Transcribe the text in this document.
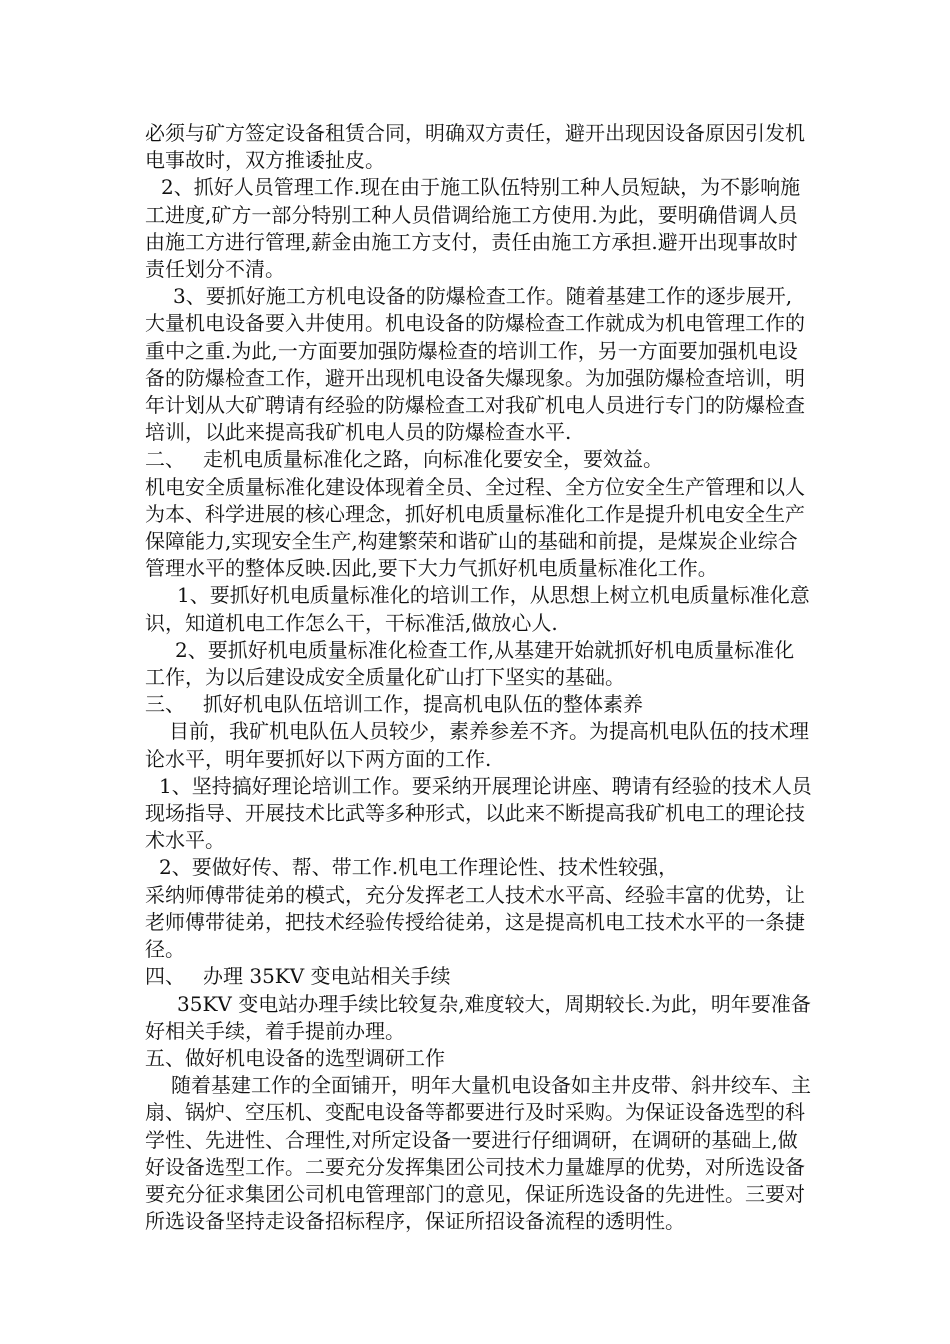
必须与矿方签定设备租赁合同，明确双方责任，避开出现因设备原因引发机电事故时，双方推诿扯皮。

2、抓好人员管理工作.现在由于施工队伍特别工种人员短缺，为不影响施工进度,矿方一部分特别工种人员借调给施工方使用.为此，要明确借调人员由施工方进行管理,薪金由施工方支付，责任由施工方承担.避开出现事故时责任划分不清。

3、要抓好施工方机电设备的防爆检查工作。随着基建工作的逐步展开,大量机电设备要入井使用。机电设备的防爆检查工作就成为机电管理工作的重中之重.为此,一方面要加强防爆检查的培训工作，另一方面要加强机电设备的防爆检查工作，避开出现机电设备失爆现象。为加强防爆检查培训，明年计划从大矿聘请有经验的防爆检查工对我矿机电人员进行专门的防爆检查培训，以此来提高我矿机电人员的防爆检查水平.

二、 走机电质量标准化之路，向标准化要安全，要效益。

机电安全质量标准化建设体现着全员、全过程、全方位安全生产管理和以人为本、科学进展的核心理念，抓好机电质量标准化工作是提升机电安全生产保障能力,实现安全生产,构建繁荣和谐矿山的基础和前提，是煤炭企业综合管理水平的整体反映.因此,要下大力气抓好机电质量标准化工作。

1、要抓好机电质量标准化的培训工作，从思想上树立机电质量标准化意识，知道机电工作怎么干，干标准活,做放心人.

2、要抓好机电质量标准化检查工作,从基建开始就抓好机电质量标准化工作，为以后建设成安全质量化矿山打下坚实的基础。

三、 抓好机电队伍培训工作，提高机电队伍的整体素养

目前，我矿机电队伍人员较少，素养参差不齐。为提高机电队伍的技术理论水平，明年要抓好以下两方面的工作.

1、坚持搞好理论培训工作。要采纳开展理论讲座、聘请有经验的技术人员现场指导、开展技术比武等多种形式，以此来不断提高我矿机电工的理论技术水平。

2、要做好传、帮、带工作.机电工作理论性、技术性较强，

采纳师傅带徒弟的模式，充分发挥老工人技术水平高、经验丰富的优势，让老师傅带徒弟，把技术经验传授给徒弟，这是提高机电工技术水平的一条捷径。

四、 办理 35KV 变电站相关手续

35KV 变电站办理手续比较复杂,难度较大，周期较长.为此，明年要准备好相关手续，着手提前办理。

五、做好机电设备的选型调研工作

随着基建工作的全面铺开，明年大量机电设备如主井皮带、斜井绞车、主扇、锅炉、空压机、变配电设备等都要进行及时采购。为保证设备选型的科学性、先进性、合理性,对所定设备一要进行仔细调研，在调研的基础上,做好设备选型工作。二要充分发挥集团公司技术力量雄厚的优势，对所选设备要充分征求集团公司机电管理部门的意见，保证所选设备的先进性。三要对所选设备坚持走设备招标程序，保证所招设备流程的透明性。
